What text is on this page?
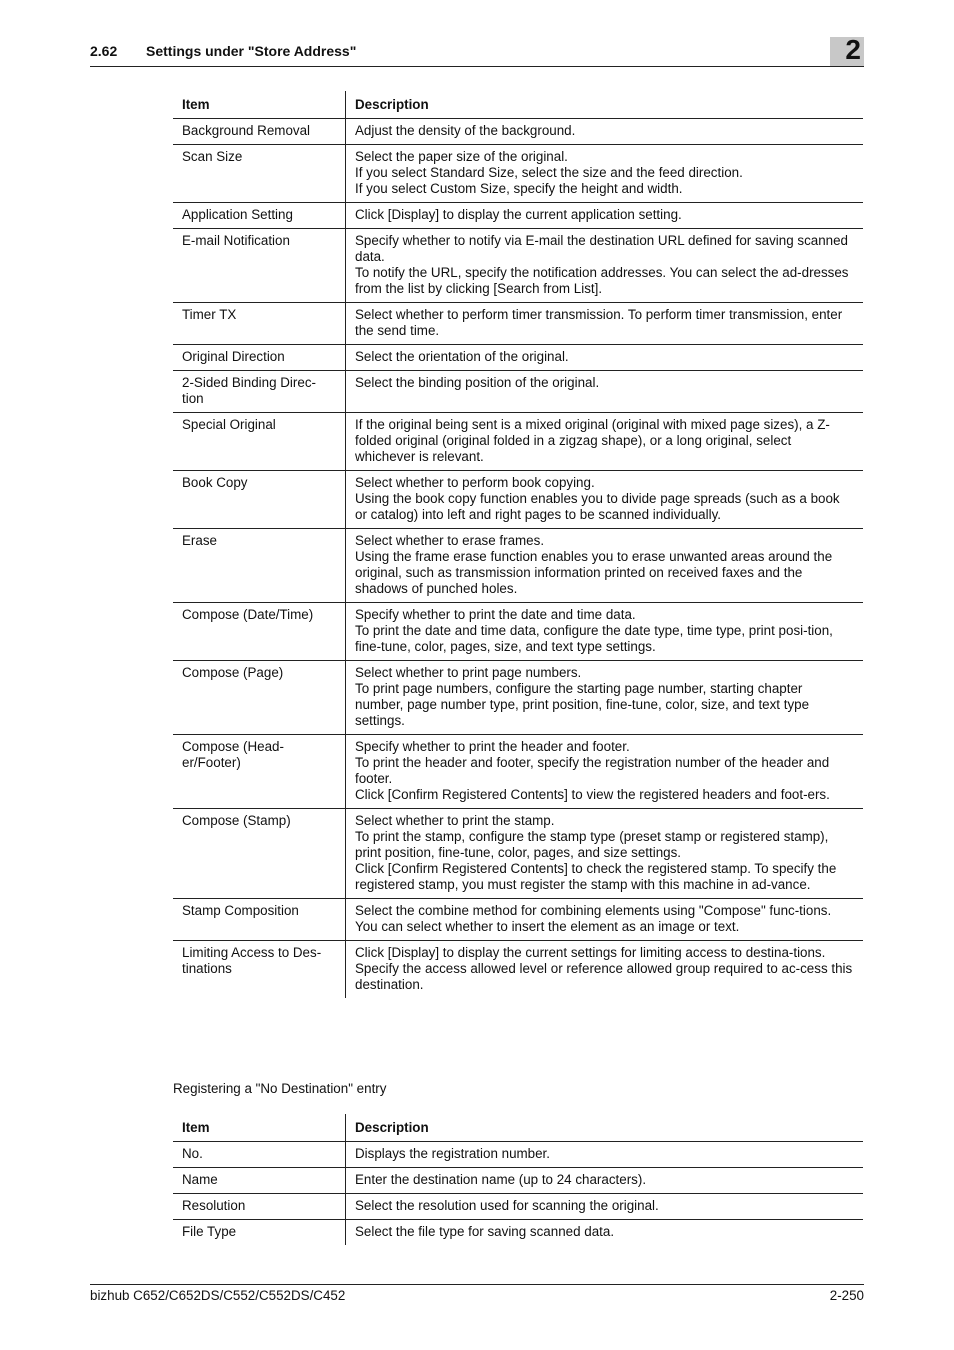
2.62 Settings under "Store Address"	2
Item	Description
Background Removal	Adjust the density of the background.

Scan Size	Select the paper size of the original.
If you select Standard Size, select the size and the feed direction.
If you select Custom Size, specify the height and width.

Application Setting	Click [Display] to display the current application setting.

E-mail Notification	Specify whether to notify via E-mail the destination URL defined for saving scanned data.
To notify the URL, specify the notification addresses. You can select the ad-dresses from the list by clicking [Search from List].

Timer TX	Select whether to perform timer transmission. To perform timer transmission, enter the send time.

Original Direction	Select the orientation of the original.

2-Sided Binding Direc-tion	Select the binding position of the original.

Special Original	If the original being sent is a mixed original (original with mixed page sizes), a Z-folded original (original folded in a zigzag shape), or a long original, select whichever is relevant.

Book Copy	Select whether to perform book copying.
Using the book copy function enables you to divide page spreads (such as a book or catalog) into left and right pages to be scanned individually.

Erase	Select whether to erase frames.
Using the frame erase function enables you to erase unwanted areas around the original, such as transmission information printed on received faxes and the shadows of punched holes.

Compose (Date/Time)	Specify whether to print the date and time data.
To print the date and time data, configure the date type, time type, print posi-tion, fine-tune, color, pages, size, and text type settings.

Compose (Page)	Select whether to print page numbers.
To print page numbers, configure the starting page number, starting chapter number, page number type, print position, fine-tune, color, size, and text type settings.

Compose (Head-er/Footer)	Specify whether to print the header and footer.
To print the header and footer, specify the registration number of the header and footer.
Click [Confirm Registered Contents] to view the registered headers and foot-ers.

Compose (Stamp)	Select whether to print the stamp.
To print the stamp, configure the stamp type (preset stamp or registered stamp), print position, fine-tune, color, pages, and size settings.
Click [Confirm Registered Contents] to check the registered stamp. To specify the registered stamp, you must register the stamp with this machine in ad-vance.

Stamp Composition	Select the combine method for combining elements using "Compose" func-tions.
You can select whether to insert the element as an image or text.

Limiting Access to Des-tinations	Click [Display] to display the current settings for limiting access to destina-tions.
Specify the access allowed level or reference allowed group required to ac-cess this destination.
Registering a "No Destination" entry
Item	Description
No.	Displays the registration number.

Name	Enter the destination name (up to 24 characters).

Resolution	Select the resolution used for scanning the original.

File Type	Select the file type for saving scanned data.
bizhub C652/C652DS/C552/C552DS/C452	2-250
